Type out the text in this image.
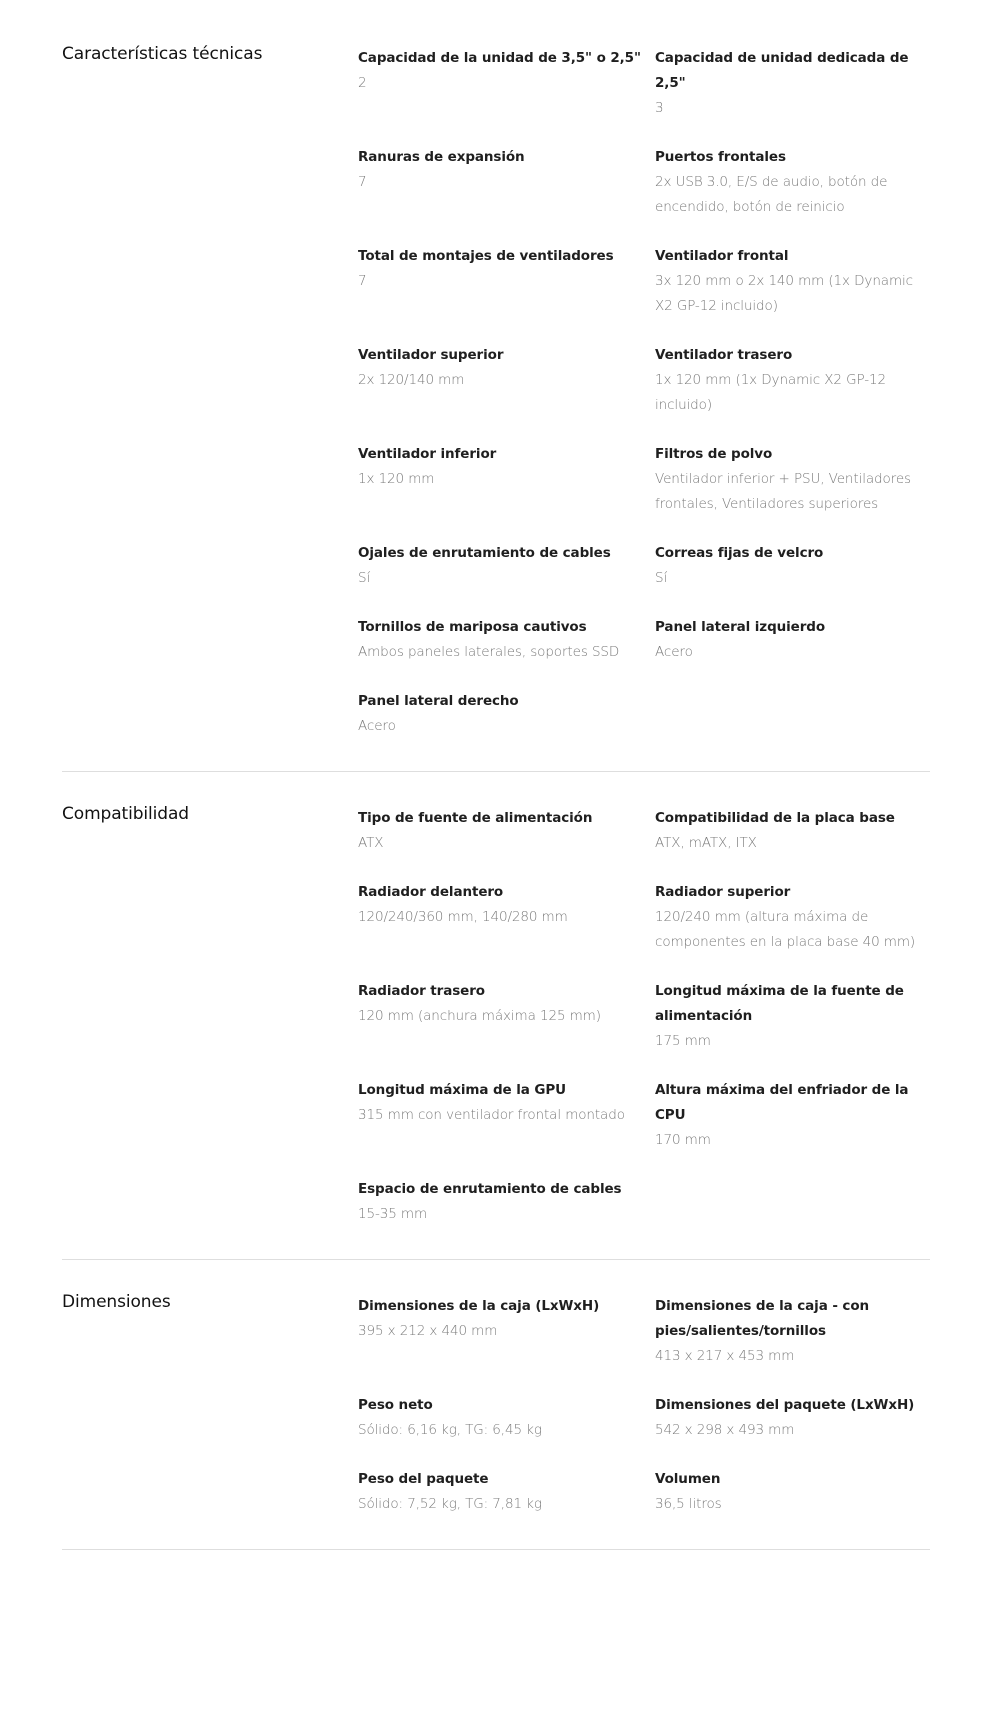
Características técnicas	Capacidad de la unidad de 3,5" o 2,5"
2
Capacidad de unidad dedicada de 2,5"
3
Ranuras de expansión
7
Puertos frontales
2x USB 3.0, E/S de audio, botón de encendido, botón de reinicio
Total de montajes de ventiladores
7
Ventilador frontal
3x 120 mm o 2x 140 mm (1x Dynamic X2 GP-12 incluido)
Ventilador superior
2x 120/140 mm
Ventilador trasero
1x 120 mm (1x Dynamic X2 GP-12 incluido)
Ventilador inferior
1x 120 mm
Filtros de polvo
Ventilador inferior + PSU, Ventiladores frontales, Ventiladores superiores
Ojales de enrutamiento de cables
Sí
Correas fijas de velcro
Sí
Tornillos de mariposa cautivos
Ambos paneles laterales, soportes SSD
Panel lateral izquierdo
Acero
Panel lateral derecho
Acero
Compatibilidad	Tipo de fuente de alimentación
ATX
Compatibilidad de la placa base
ATX, mATX, ITX
Radiador delantero
120/240/360 mm, 140/280 mm
Radiador superior
120/240 mm (altura máxima de componentes en la placa base 40 mm)
Radiador trasero
120 mm (anchura máxima 125 mm)
Longitud máxima de la fuente de alimentación
175 mm
Longitud máxima de la GPU
315 mm con ventilador frontal montado
Altura máxima del enfriador de la CPU
170 mm
Espacio de enrutamiento de cables
15-35 mm
Dimensiones	Dimensiones de la caja (LxWxH)
395 x 212 x 440 mm
Dimensiones de la caja - con pies/salientes/tornillos
413 x 217 x 453 mm
Peso neto
Sólido: 6,16 kg, TG: 6,45 kg
Dimensiones del paquete (LxWxH)
542 x 298 x 493 mm
Peso del paquete
Sólido: 7,52 kg, TG: 7,81 kg
Volumen
36,5 litros
